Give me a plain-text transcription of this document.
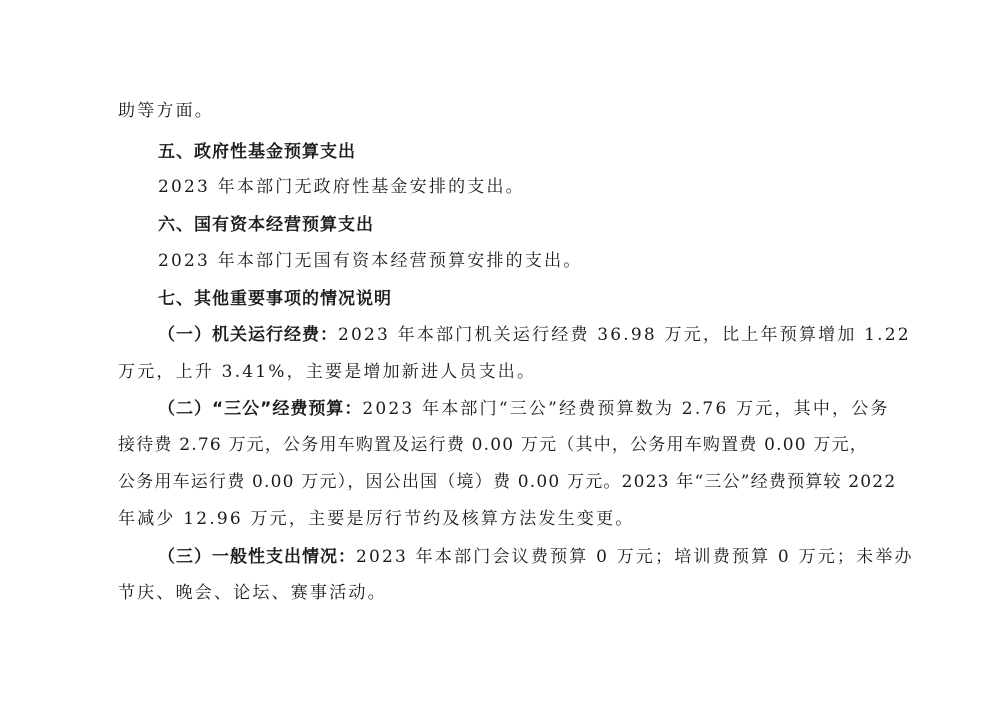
助等方面。
五、政府性基金预算支出
2023 年本部门无政府性基金安排的支出。
六、国有资本经营预算支出
2023 年本部门无国有资本经营预算安排的支出。
七、其他重要事项的情况说明
（一）机关运行经费：2023 年本部门机关运行经费 36.98 万元，比上年预算增加 1.22
万元，上升 3.41%，主要是增加新进人员支出。
（二）“三公”经费预算：2023 年本部门“三公”经费预算数为 2.76 万元，其中，公务
接待费 2.76 万元，公务用车购置及运行费 0.00 万元（其中，公务用车购置费 0.00 万元，
公务用车运行费 0.00 万元），因公出国（境）费 0.00 万元。2023 年“三公”经费预算较 2022
年减少 12.96 万元，主要是厉行节约及核算方法发生变更。
（三）一般性支出情况：2023 年本部门会议费预算 0 万元；培训费预算 0 万元；未举办
节庆、晚会、论坛、赛事活动。
